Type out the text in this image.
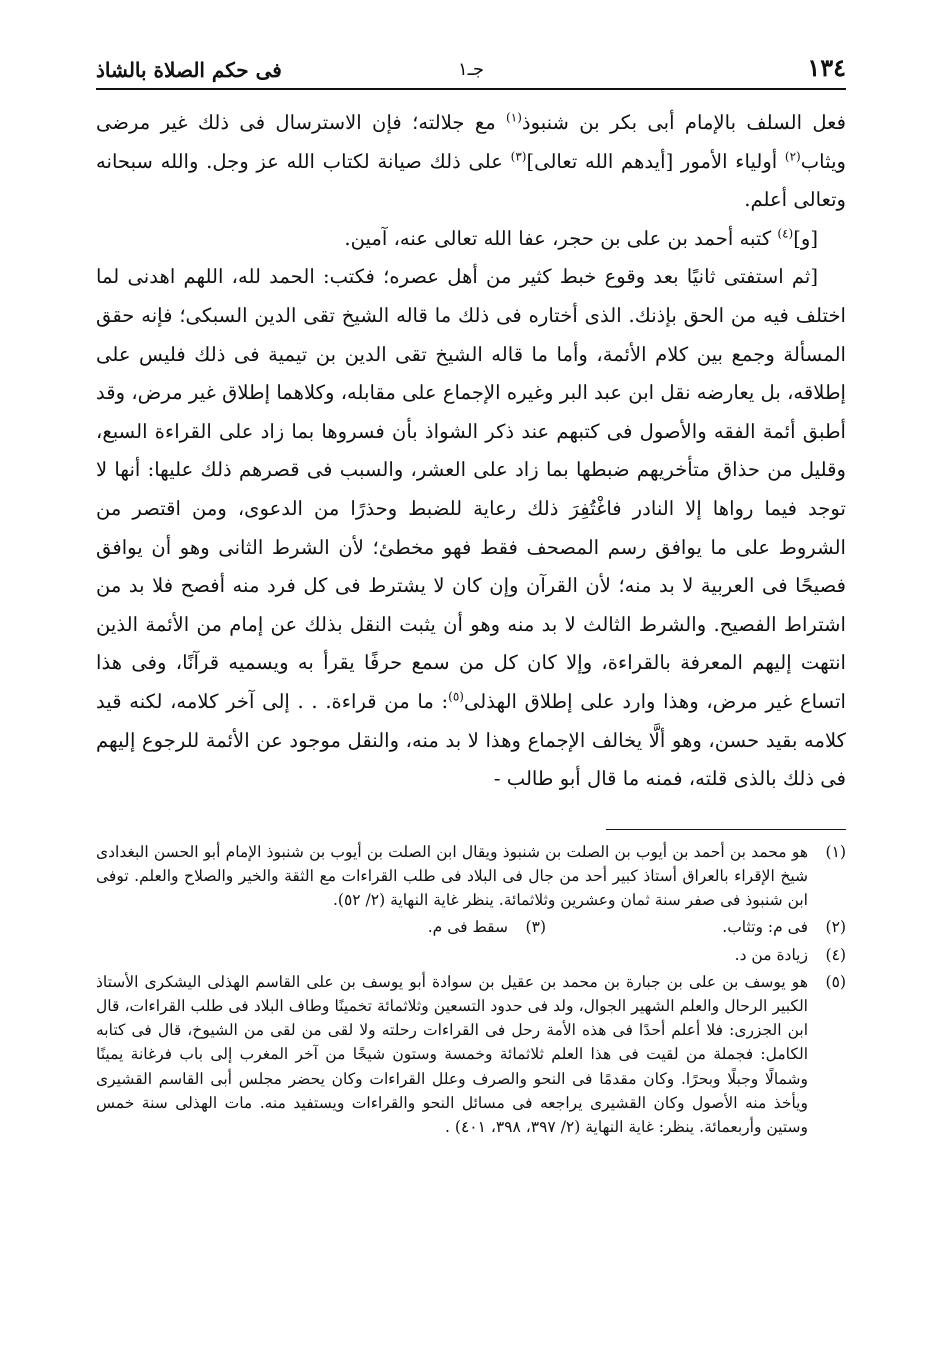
١٣٤
جـ١
فى حكم الصلاة بالشاذ

فعل السلف بالإمام أبى بكر بن شنبوذ$^{(١)}$ مع جلالته؛ فإن الاسترسال فى ذلك غير مرضى ويثاب$^{(٢)}$ أولياء الأمور [أيدهم الله تعالى]$^{(٣)}$ على ذلك صيانة لكتاب الله عز وجل. والله سبحانه وتعالى أعلم.

[و]$^{(٤)}$ كتبه أحمد بن على بن حجر، عفا الله تعالى عنه، آمين.

[ثم استفتى ثانيًا بعد وقوع خبط كثير من أهل عصره؛ فكتب: الحمد لله، اللهم اهدنى لما اختلف فيه من الحق بإذنك. الذى أختاره فى ذلك ما قاله الشيخ تقى الدين السبكى؛ فإنه حقق المسألة وجمع بين كلام الأئمة، وأما ما قاله الشيخ تقى الدين بن تيمية فى ذلك فليس على إطلاقه، بل يعارضه نقل ابن عبد البر وغيره الإجماع على مقابله، وكلاهما إطلاق غير مرض، وقد أطبق أئمة الفقه والأصول فى كتبهم عند ذكر الشواذ بأن فسروها بما زاد على القراءة السبع، وقليل من حذاق متأخريهم ضبطها بما زاد على العشر، والسبب فى قصرهم ذلك عليها: أنها لا توجد فيما رواها إلا النادر فاغْتُفِرَ ذلك رعاية للضبط وحذرًا من الدعوى، ومن اقتصر من الشروط على ما يوافق رسم المصحف فقط فهو مخطئ؛ لأن الشرط الثانى وهو أن يوافق فصيحًا فى العربية لا بد منه؛ لأن القرآن وإن كان لا يشترط فى كل فرد منه أفصح فلا بد من اشتراط الفصيح. والشرط الثالث لا بد منه وهو أن يثبت النقل بذلك عن إمام من الأئمة الذين انتهت إليهم المعرفة بالقراءة، وإلا كان كل من سمع حرفًا يقرأ به ويسميه قرآنًا، وفى هذا اتساع غير مرض، وهذا وارد على إطلاق الهذلى$^{(٥)}$: ما من قراءة. . . إلى آخر كلامه، لكنه قيد كلامه بقيد حسن، وهو ألَّا يخالف الإجماع وهذا لا بد منه، والنقل موجود عن الأئمة للرجوع إليهم فى ذلك بالذى قلته، فمنه ما قال أبو طالب -

(١)
هو محمد بن أحمد بن أيوب بن الصلت بن شنبوذ ويقال ابن الصلت بن أيوب بن شنبوذ الإمام أبو الحسن البغدادى شيخ الإقراء بالعراق أستاذ كبير أحد من جال فى البلاد فى طلب القراءات مع الثقة والخير والصلاح والعلم. توفى ابن شنبوذ فى صفر سنة ثمان وعشرين وثلاثمائة. ينظر غاية النهاية (٢/ ٥٢).
(٢)
فى م: وتثاب.
(٣)
سقط فى م.
(٤)
زيادة من د.
(٥)
هو يوسف بن على بن جبارة بن محمد بن عقيل بن سوادة أبو يوسف بن على القاسم الهذلى اليشكرى الأستاذ الكبير الرحال والعلم الشهير الجوال، ولد فى حدود التسعين وثلاثمائة تخمينًا وطاف البلاد فى طلب القراءات، قال ابن الجزرى: فلا أعلم أحدًا فى هذه الأمة رحل فى القراءات رحلته ولا لقى من لقى من الشيوخ، قال فى كتابه الكامل: فجملة من لقيت فى هذا العلم ثلاثمائة وخمسة وستون شيخًا من آخر المغرب إلى باب فرغانة يمينًا وشمالًا وجبلًا وبحرًا. وكان مقدمًا فى النحو والصرف وعلل القراءات وكان يحضر مجلس أبى القاسم القشيرى ويأخذ منه الأصول وكان القشيرى يراجعه فى مسائل النحو والقراءات ويستفيد منه. مات الهذلى سنة خمس وستين وأربعمائة. ينظر: غاية النهاية (٢/ ٣٩٧، ٣٩٨، ٤٠١) .
